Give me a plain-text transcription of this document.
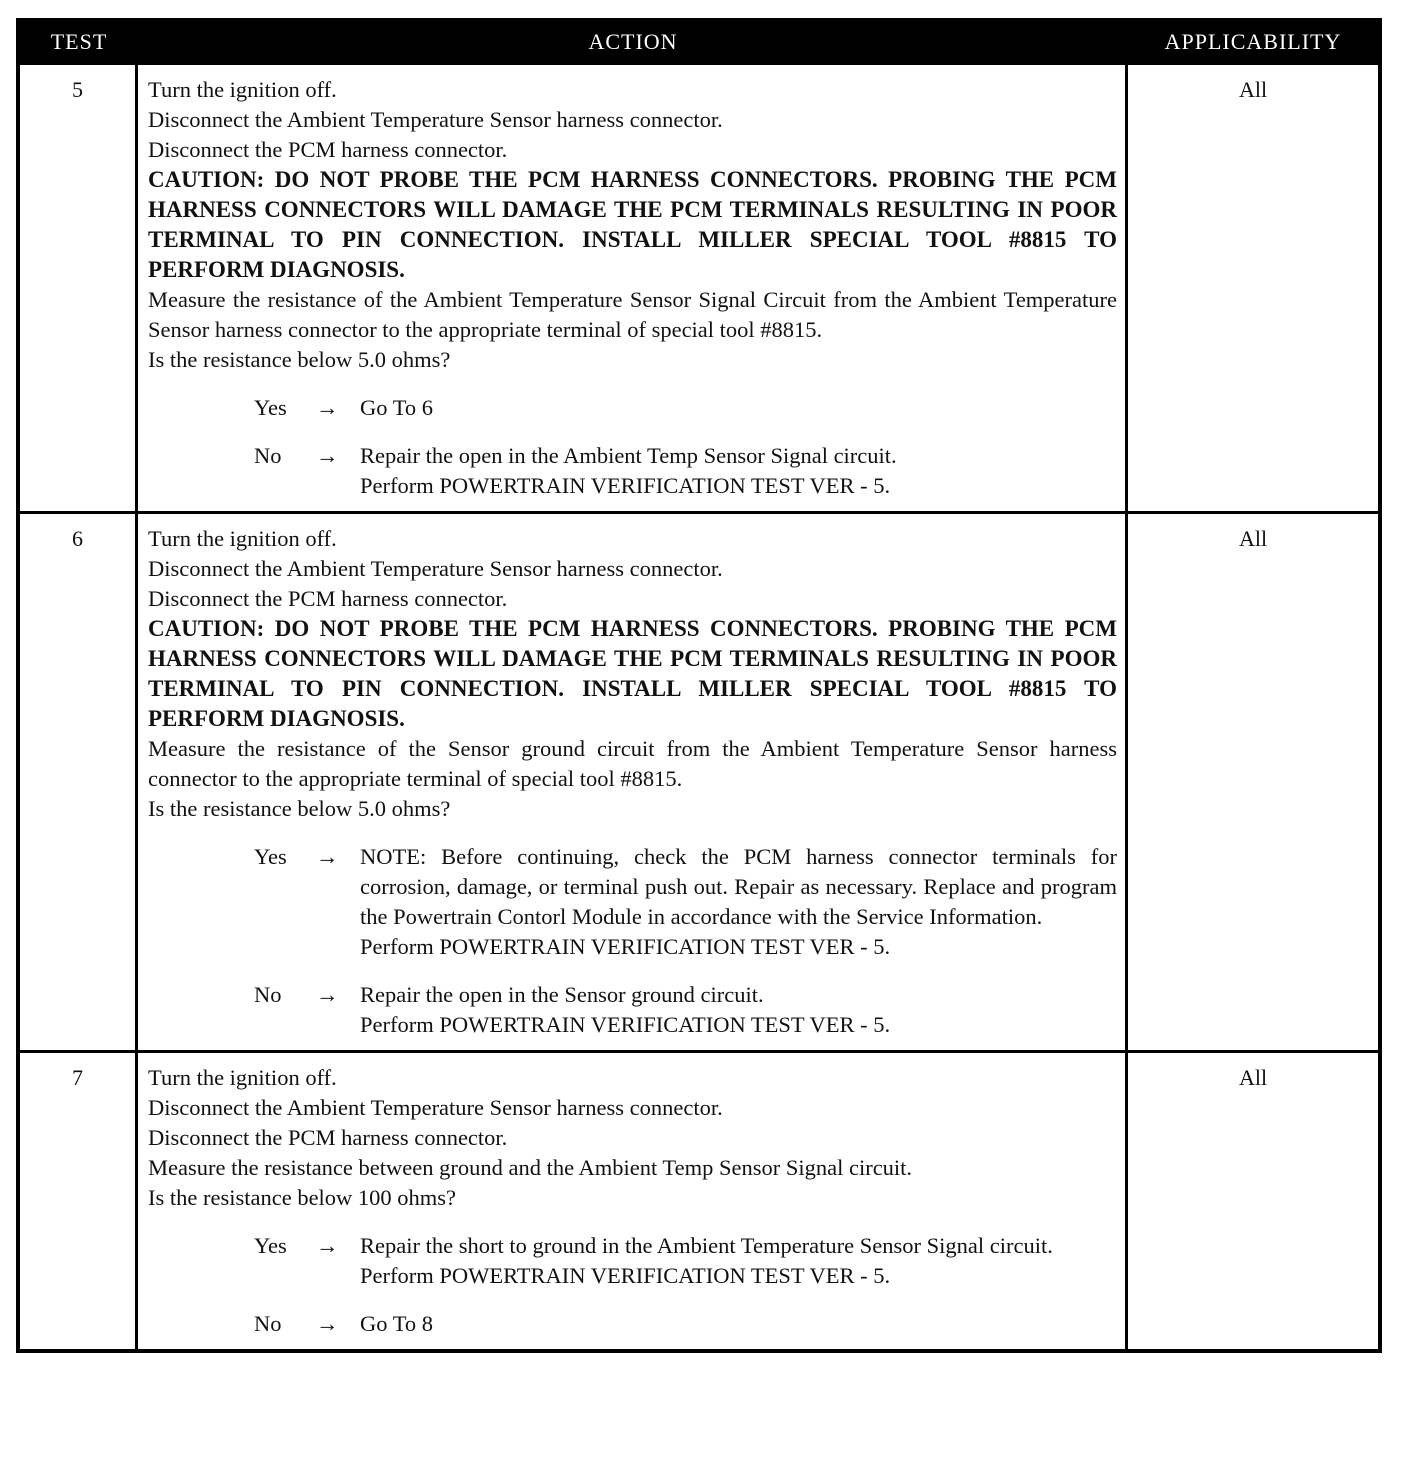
TEST	ACTION	APPLICABILITY
5	Turn the ignition off.
Disconnect the Ambient Temperature Sensor harness connector.
Disconnect the PCM harness connector.
CAUTION: DO NOT PROBE THE PCM HARNESS CONNECTORS. PROBING THE PCM HARNESS CONNECTORS WILL DAMAGE THE PCM TERMINALS RESULTING IN POOR TERMINAL TO PIN CONNECTION. INSTALL MILLER SPECIAL TOOL #8815 TO PERFORM DIAGNOSIS.
Measure the resistance of the Ambient Temperature Sensor Signal Circuit from the Ambient Temperature Sensor harness connector to the appropriate terminal of special tool #8815.
Is the resistance below 5.0 ohms?
Yes	→ Go To 6
No	→ Repair the open in the Ambient Temp Sensor Signal circuit.
Perform POWERTRAIN VERIFICATION TEST VER - 5.
All
6	Turn the ignition off.
Disconnect the Ambient Temperature Sensor harness connector.
Disconnect the PCM harness connector.
CAUTION: DO NOT PROBE THE PCM HARNESS CONNECTORS. PROBING THE PCM HARNESS CONNECTORS WILL DAMAGE THE PCM TERMINALS RESULTING IN POOR TERMINAL TO PIN CONNECTION. INSTALL MILLER SPECIAL TOOL #8815 TO PERFORM DIAGNOSIS.
Measure the resistance of the Sensor ground circuit from the Ambient Temperature Sensor harness connector to the appropriate terminal of special tool #8815.
Is the resistance below 5.0 ohms?
Yes	→ NOTE: Before continuing, check the PCM harness connector terminals for corrosion, damage, or terminal push out. Repair as necessary. Replace and program the Powertrain Contorl Module in accordance with the Service Information.
Perform POWERTRAIN VERIFICATION TEST VER - 5.
No	→ Repair the open in the Sensor ground circuit.
Perform POWERTRAIN VERIFICATION TEST VER - 5.
All
7	Turn the ignition off.
Disconnect the Ambient Temperature Sensor harness connector.
Disconnect the PCM harness connector.
Measure the resistance between ground and the Ambient Temp Sensor Signal circuit.
Is the resistance below 100 ohms?
Yes	→ Repair the short to ground in the Ambient Temperature Sensor Signal circuit.
Perform POWERTRAIN VERIFICATION TEST VER - 5.
No	→ Go To 8
All
